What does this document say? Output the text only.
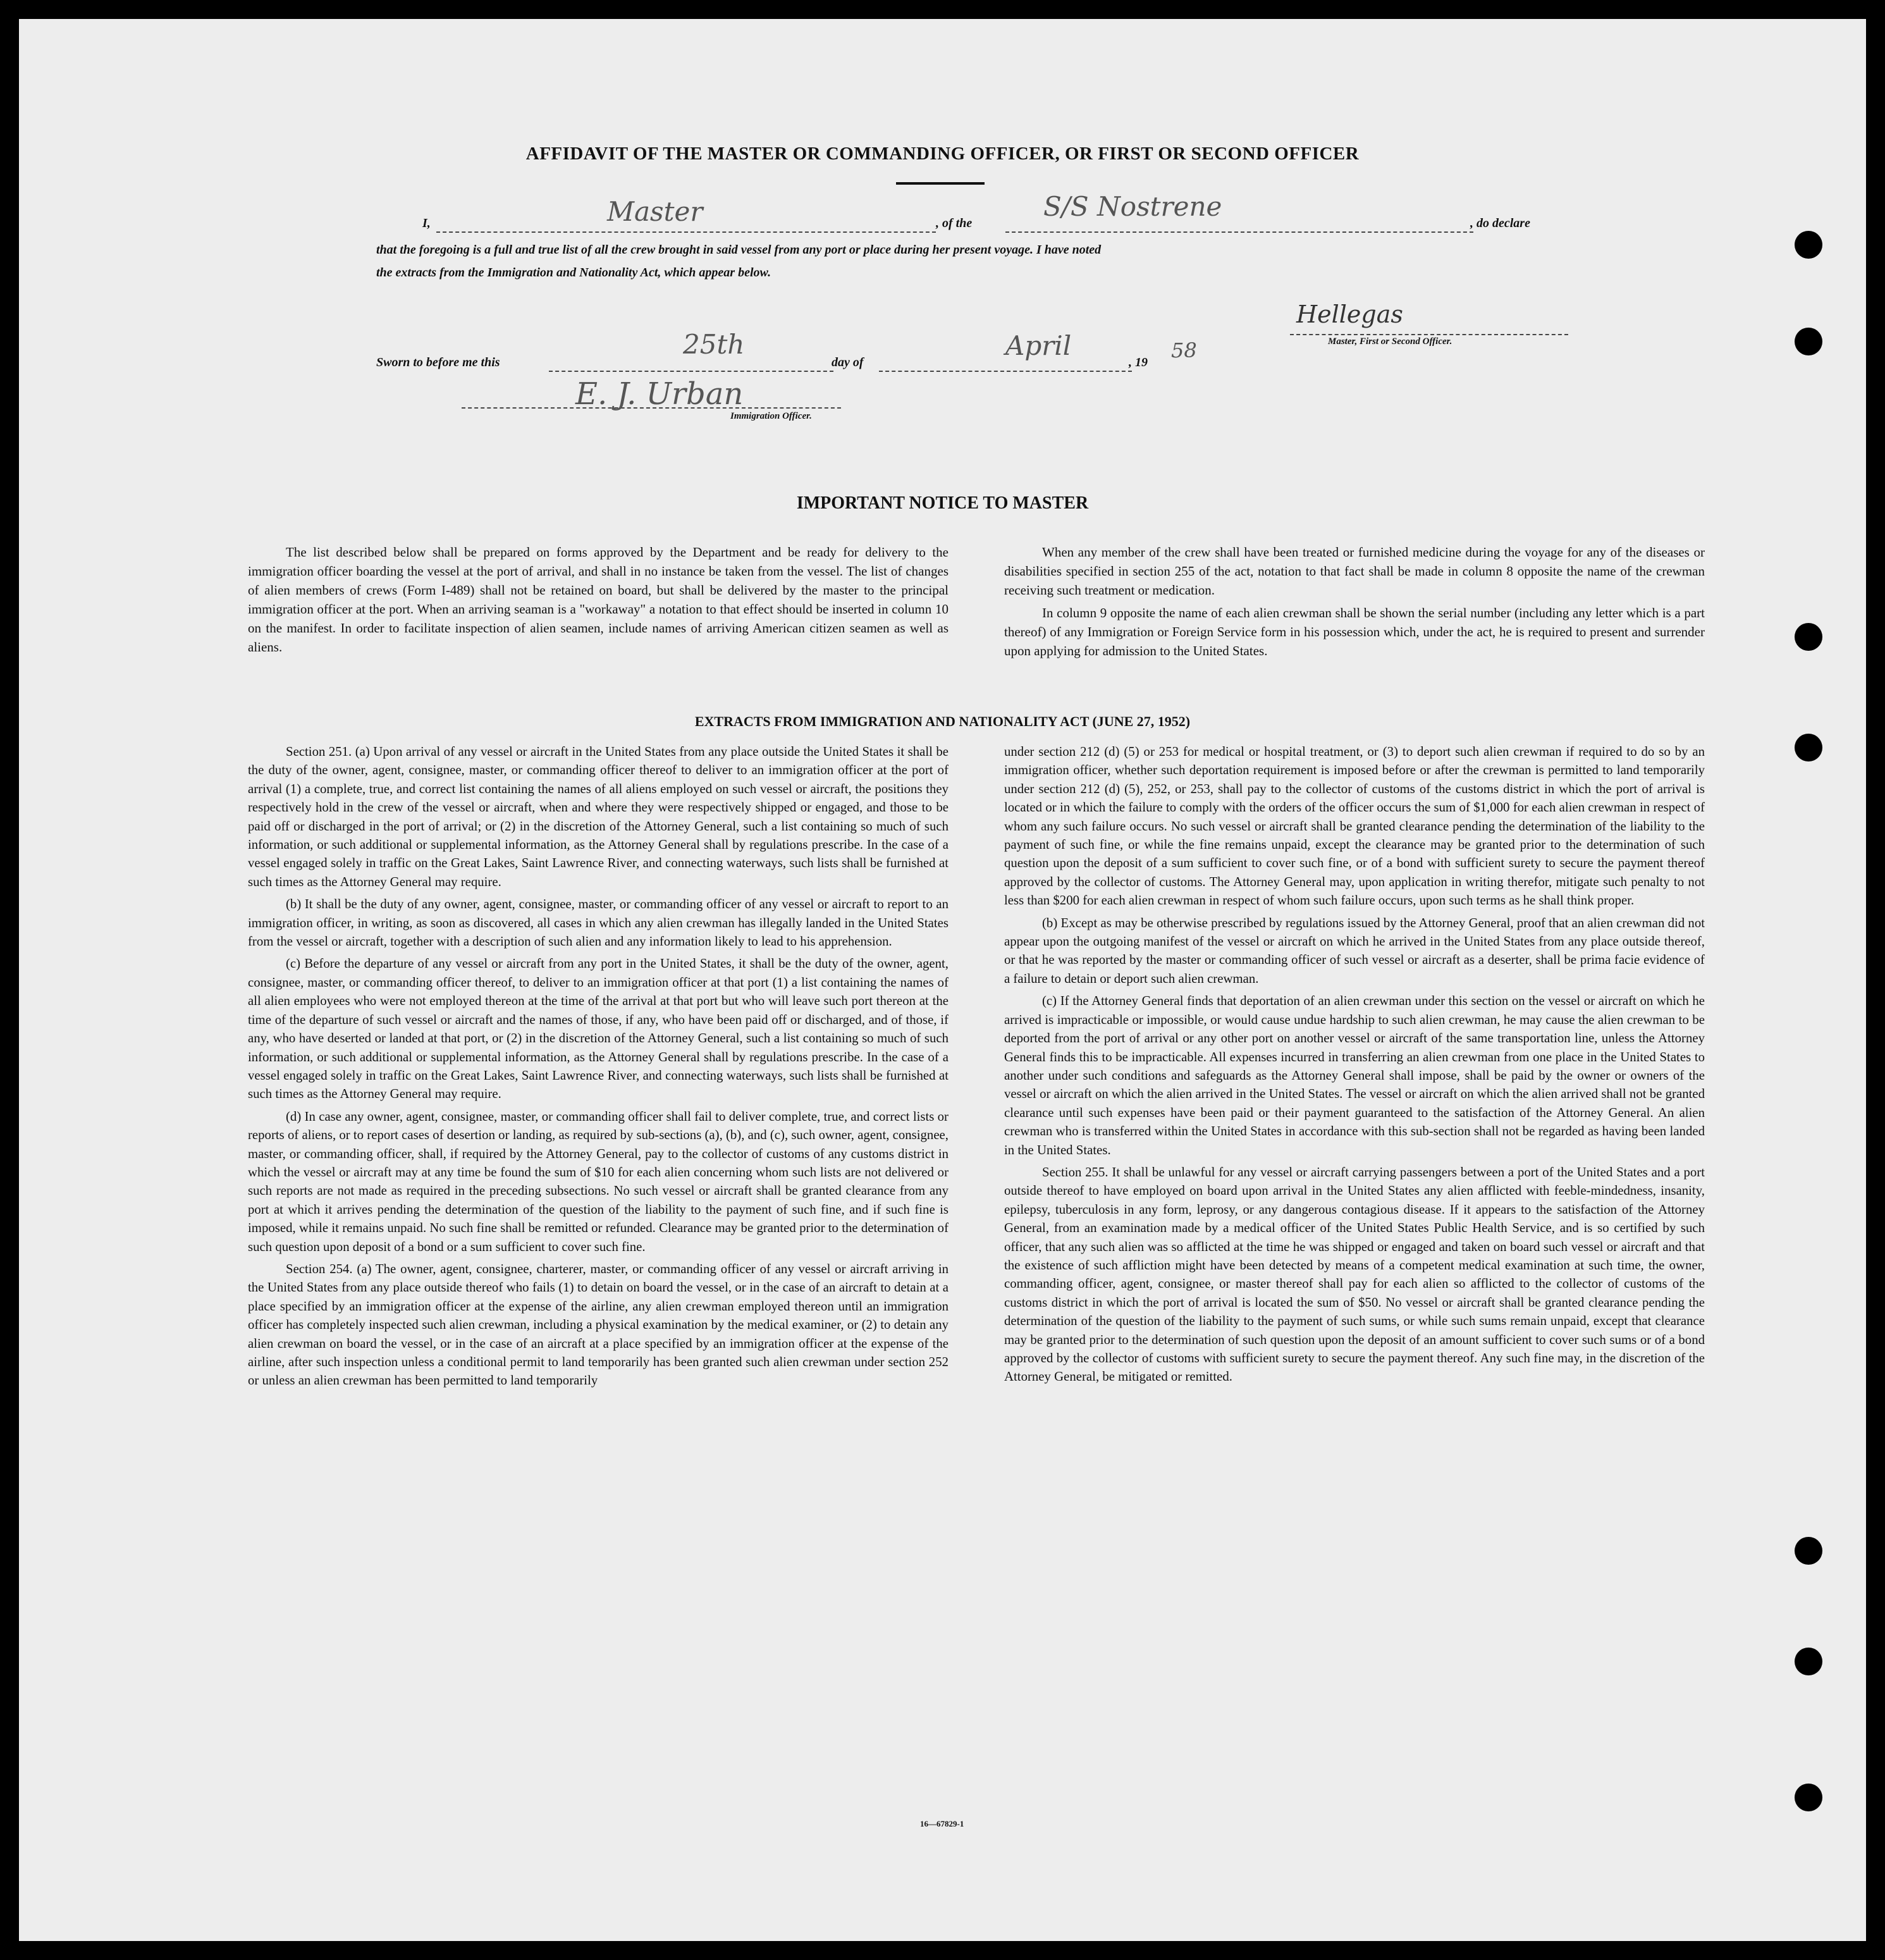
AFFIDAVIT OF THE MASTER OR COMMANDING OFFICER, OR FIRST OR SECOND OFFICER
I,	Master	, of the
S/S Nostrene
, do declare
that the foregoing is a full and true list of all the crew brought in said vessel from any port or place during her present voyage. I have noted
the extracts from the Immigration and Nationality Act, which appear below.
Hellegas
Master, First or Second Officer.
Sworn to before me this
25th
day of
April
, 19 58
E. J. Urban
Immigration Officer.
IMPORTANT NOTICE TO MASTER

The list described below shall be prepared on forms approved by the Department and be ready for delivery to the immigration officer boarding the vessel at the port of arrival, and shall in no instance be taken from the vessel. The list of changes of alien members of crews (Form I-489) shall not be retained on board, but shall be delivered by the master to the principal immigration officer at the port. When an arriving seaman is a "workaway" a notation to that effect should be inserted in column 10 on the manifest. In order to facilitate inspection of alien seamen, include names of arriving American citizen seamen as well as aliens.

When any member of the crew shall have been treated or furnished medicine during the voyage for any of the diseases or disabilities specified in section 255 of the act, notation to that fact shall be made in column 8 opposite the name of the crewman receiving such treatment or medication.

In column 9 opposite the name of each alien crewman shall be shown the serial number (including any letter which is a part thereof) of any Immigration or Foreign Service form in his possession which, under the act, he is required to present and surrender upon applying for admission to the United States.

EXTRACTS FROM IMMIGRATION AND NATIONALITY ACT (JUNE 27, 1952)

Section 251. (a) Upon arrival of any vessel or aircraft in the United States from any place outside the United States it shall be the duty of the owner, agent, consignee, master, or commanding officer thereof to deliver to an immigration officer at the port of arrival (1) a complete, true, and correct list containing the names of all aliens employed on such vessel or aircraft, the positions they respectively hold in the crew of the vessel or aircraft, when and where they were respectively shipped or engaged, and those to be paid off or discharged in the port of arrival; or (2) in the discretion of the Attorney General, such a list containing so much of such information, or such additional or supplemental information, as the Attorney General shall by regulations prescribe. In the case of a vessel engaged solely in traffic on the Great Lakes, Saint Lawrence River, and connecting waterways, such lists shall be furnished at such times as the Attorney General may require.

(b) It shall be the duty of any owner, agent, consignee, master, or commanding officer of any vessel or aircraft to report to an immigration officer, in writing, as soon as discovered, all cases in which any alien crewman has illegally landed in the United States from the vessel or aircraft, together with a description of such alien and any information likely to lead to his apprehension.

(c) Before the departure of any vessel or aircraft from any port in the United States, it shall be the duty of the owner, agent, consignee, master, or commanding officer thereof, to deliver to an immigration officer at that port (1) a list containing the names of all alien employees who were not employed thereon at the time of the arrival at that port but who will leave such port thereon at the time of the departure of such vessel or aircraft and the names of those, if any, who have been paid off or discharged, and of those, if any, who have deserted or landed at that port, or (2) in the discretion of the Attorney General, such a list containing so much of such information, or such additional or supplemental information, as the Attorney General shall by regulations prescribe. In the case of a vessel engaged solely in traffic on the Great Lakes, Saint Lawrence River, and connecting waterways, such lists shall be furnished at such times as the Attorney General may require.

(d) In case any owner, agent, consignee, master, or commanding officer shall fail to deliver complete, true, and correct lists or reports of aliens, or to report cases of desertion or landing, as required by sub-sections (a), (b), and (c), such owner, agent, consignee, master, or commanding officer, shall, if required by the Attorney General, pay to the collector of customs of any customs district in which the vessel or aircraft may at any time be found the sum of $10 for each alien concerning whom such lists are not delivered or such reports are not made as required in the preceding subsections. No such vessel or aircraft shall be granted clearance from any port at which it arrives pending the determination of the question of the liability to the payment of such fine, and if such fine is imposed, while it remains unpaid. No such fine shall be remitted or refunded. Clearance may be granted prior to the determination of such question upon deposit of a bond or a sum sufficient to cover such fine.

Section 254. (a) The owner, agent, consignee, charterer, master, or commanding officer of any vessel or aircraft arriving in the United States from any place outside thereof who fails (1) to detain on board the vessel, or in the case of an aircraft to detain at a place specified by an immigration officer at the expense of the airline, any alien crewman employed thereon until an immigration officer has completely inspected such alien crewman, including a physical examination by the medical examiner, or (2) to detain any alien crewman on board the vessel, or in the case of an aircraft at a place specified by an immigration officer at the expense of the airline, after such inspection unless a conditional permit to land temporarily has been granted such alien crewman under section 252 or unless an alien crewman has been permitted to land temporarily

under section 212 (d) (5) or 253 for medical or hospital treatment, or (3) to deport such alien crewman if required to do so by an immigration officer, whether such deportation requirement is imposed before or after the crewman is permitted to land temporarily under section 212 (d) (5), 252, or 253, shall pay to the collector of customs of the customs district in which the port of arrival is located or in which the failure to comply with the orders of the officer occurs the sum of $1,000 for each alien crewman in respect of whom any such failure occurs. No such vessel or aircraft shall be granted clearance pending the determination of the liability to the payment of such fine, or while the fine remains unpaid, except the clearance may be granted prior to the determination of such question upon the deposit of a sum sufficient to cover such fine, or of a bond with sufficient surety to secure the payment thereof approved by the collector of customs. The Attorney General may, upon application in writing therefor, mitigate such penalty to not less than $200 for each alien crewman in respect of whom such failure occurs, upon such terms as he shall think proper.

(b) Except as may be otherwise prescribed by regulations issued by the Attorney General, proof that an alien crewman did not appear upon the outgoing manifest of the vessel or aircraft on which he arrived in the United States from any place outside thereof, or that he was reported by the master or commanding officer of such vessel or aircraft as a deserter, shall be prima facie evidence of a failure to detain or deport such alien crewman.

(c) If the Attorney General finds that deportation of an alien crewman under this section on the vessel or aircraft on which he arrived is impracticable or impossible, or would cause undue hardship to such alien crewman, he may cause the alien crewman to be deported from the port of arrival or any other port on another vessel or aircraft of the same transportation line, unless the Attorney General finds this to be impracticable. All expenses incurred in transferring an alien crewman from one place in the United States to another under such conditions and safeguards as the Attorney General shall impose, shall be paid by the owner or owners of the vessel or aircraft on which the alien arrived in the United States. The vessel or aircraft on which the alien arrived shall not be granted clearance until such expenses have been paid or their payment guaranteed to the satisfaction of the Attorney General. An alien crewman who is transferred within the United States in accordance with this sub-section shall not be regarded as having been landed in the United States.

Section 255. It shall be unlawful for any vessel or aircraft carrying passengers between a port of the United States and a port outside thereof to have employed on board upon arrival in the United States any alien afflicted with feeble-mindedness, insanity, epilepsy, tuberculosis in any form, leprosy, or any dangerous contagious disease. If it appears to the satisfaction of the Attorney General, from an examination made by a medical officer of the United States Public Health Service, and is so certified by such officer, that any such alien was so afflicted at the time he was shipped or engaged and taken on board such vessel or aircraft and that the existence of such affliction might have been detected by means of a competent medical examination at such time, the owner, commanding officer, agent, consignee, or master thereof shall pay for each alien so afflicted to the collector of customs of the customs district in which the port of arrival is located the sum of $50. No vessel or aircraft shall be granted clearance pending the determination of the question of the liability to the payment of such sums, or while such sums remain unpaid, except that clearance may be granted prior to the determination of such question upon the deposit of an amount sufficient to cover such sums or of a bond approved by the collector of customs with sufficient surety to secure the payment thereof. Any such fine may, in the discretion of the Attorney General, be mitigated or remitted.

16—67829-1
